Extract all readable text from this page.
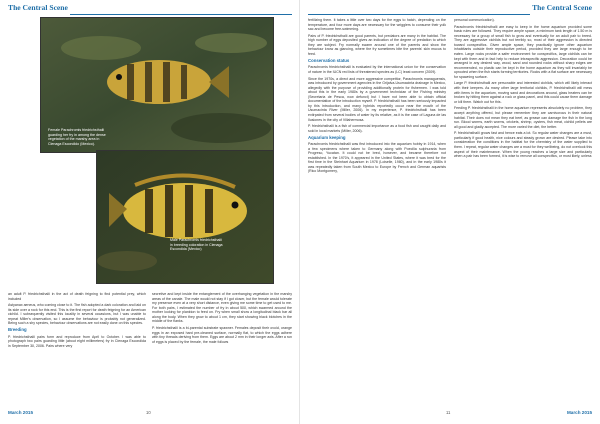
The Central Scene
Female Parachromis friedrichsthalii
guarding her fry in among the dense
vegetation of the marshy area in
Cienaga Escondido (Mexico).
Male Parachromis friedrichsthalii
in breeding coloration in Cienaga
Escondida (Mexico)

an adult P. friedrichsthalii in the act of death feigning to find potential prey, which included

Astyanax aeneus, who coming close to it. The fish adopted a dark coloration and laid on its side over a rock for this end. This is the first report for death feigning for an American cichlid. I subsequently visited this locality in several occasions, but I was unable to repeat Miller's observation, so I assume the behaviour is probably not generalized. Being such a shy species, behaviour observations are not easily done on this species.

Breeding

P. friedrichsthalii pairs form and reproduce from April to October. I was able to photograph two pairs guarding little (about eight millimeters) fry in Cienaga Escondida in September 30, 2006. Pairs where very

secretive and kept inside the entanglement of the overhanging vegetation in the marshy areas of the canale. The male would not stay if I got closer, but the female would tolerate my presence even at a very short distance, even giving me some time to get used to me. For both pairs, I estimated the number of fry in about 500, which swarmed around the mother looking for plankton to feed on. Fry when small show a longitudinal black bar all along the body. When they grow to about 1 cm, they start showing black blotches in the middle of the flanks.

P. friedrichsthalii is a bi-parental substrate spawner. Females deposit their ovoid, orange eggs in an exposed hard pre-cleaned surface, normally flat, to which the eggs adhere with tiny threads deriving from them. Eggs are about 2 mm in their longer axis. After a run of eggs is placed by the female, the male follows

March 2015	10
The Central Scene

fertilizing them. It takes a little over two days for the eggs to hatch, depending on the temperature, and four more days are necessary for the wrigglers to consume their yolk sac and become free-swimming.

Pairs of P. friedrichsthalii are good parents, but predators are many in the habitat. The high number of eggs deposited gives an indication of the degree of predation to which they are subject. Fry normally swarm around one of the parents and show the behaviour know as glancing, where the fry sometimes bite the parents' skin mucus to feed.

Conservation status

Parachromis friedrichsthalii is evaluated by the international union for the conservation of nature in the IUCN red lists of threatened species as (LC) least concern (2009).

Since the 1970s, a direct and more aggressive competitor, Parachromis managuensis, was introduced by government agencies in the Grijalva-Usumacinta drainage in Mexico, allegedly with the purpose of providing additionally protein for fishermen. I was told about this in the early 1980s by a government technician of the Fishing ministry (Secretaria de Pesca, now defunct) but I have not been able to obtain official documentation of the introduction myself. P. friedrichsthalii has been seriously impacted by this introduction, and many hybrids reportedly occur near the mouth of the Usumacinta River (Miller, 2006). In my experience, P. friedrichsthalii has been extirpated from several bodies of water by its relative, as it is the case of Laguna de las Ilusiones in the city of Villahermosa.

P. friedrichsthalii is a fish of commercial importance as a food fish and caught daily and sold in local markets (Miller, 2006).

Aquarium keeping

Parachromis friedrichsthalii was first introduced into the aquarium hobby in 1914, when a few specimens where taken to Germany along with Poecilia sulphuraria from Progreso, Yucatan. It could not be bred, however, and became therefore not established. In the 1970's, it appeared in the United States, where it was bred for the first time in the Steinhart Aquarium in 1978 (Loiselle, 1980), and in the early 1980s it was repeatedly taken from South Mexico to Europe by French and German aquarists (Rico Montgomery,

personal communication).

Parachromis friedrichsthalii are easy to keep in the home aquarium provided some basic rules are followed. They require ample space, a minimum tank length of 1.50 m is necessary for a group of small fish to grow and eventually for an adult pair to breed. They are aggressive cichlids but not terribly so, most of their aggression is directed toward conspecifics. Given ample space, they practically ignore other aquarium inhabitants outside their reproductive period, provided they are large enough to be eaten. Large rocks provide a safer environment for conspecifics, large cichlids can be kept with them and in fact help to reduce intraspecific aggression. Decoration could be arranged in any desired way, wood, sand and rounded rocks without sharp edges are recommended, no plastic can be kept in the home aquarium as they will invariably be uprooted when the fish starts forming territories. Rocks with a flat surface are necessary for spawning surface.

Large P. friedrichsthalii are personable and interested cichlids, which will likely interact with their keepers. As many other large territorial cichlids, P. friedrichsthalii will mess with items in the aquarium, moving sand and decorations around, glass heaters can be broken by hitting them against a rock or glass panel, and this could cause them damage or kill them. Watch out for this.

Feeding P. friedrichsthalii in the home aquarium represents absolutely no problem, they accept anything offered, but please remember they are carnivorous in their natural habitat. Their does not mean they eat beef, as grease can damage the fish in the long run. Blood worms, earth worms, crickets, shrimp, oysters, fish meat, cichlid pellets are all good and gladly accepted. The more varied the diet, the better.

P. friedrichsthalii grows fast and hence eats a lot. So regular water changes are a must, particularly if good health, nice colours and steady grown are desired. Please take into consideration the conditions in the habitat for the chemistry of the water supplied to them. I repeat, regular water changes are a must for they wellbeing, do not overlook this aspect of their maintenance. When the young reaches a large size and particularly when a pair has been formed, it is wise to remove all conspecifics, or most likely, unless

11	March 2015
